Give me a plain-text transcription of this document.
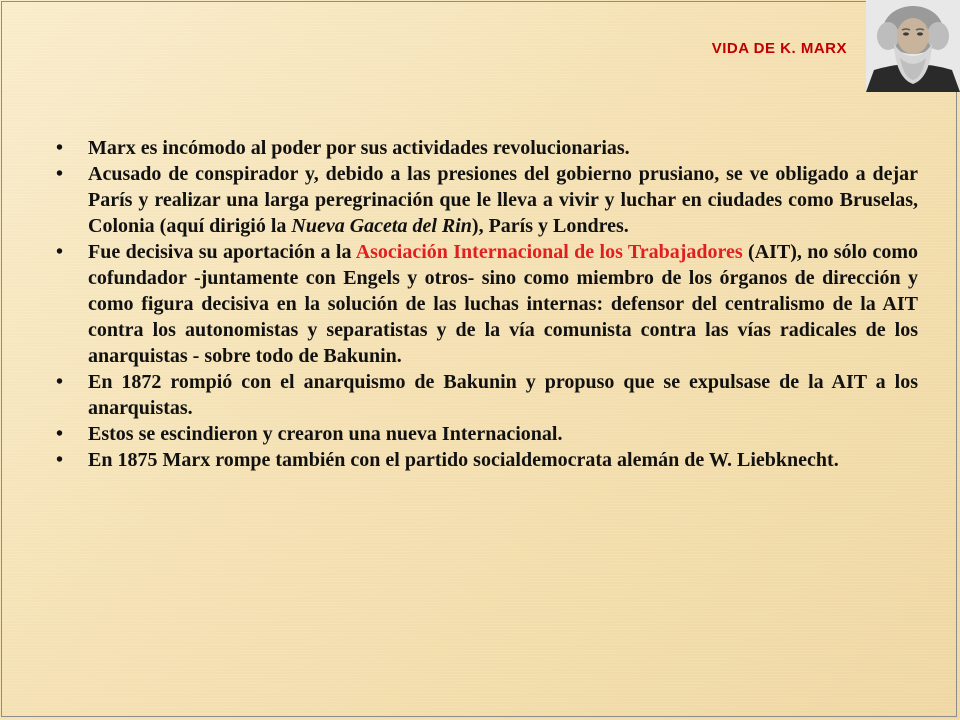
VIDA DE K. MARX
•	Marx es incómodo al poder por sus actividades revolucionarias.
•	Acusado de conspirador y, debido a las presiones del gobierno prusiano, se ve obligado a dejar París y realizar una larga peregrinación que le lleva a vivir y luchar en ciudades como Bruselas, Colonia (aquí dirigió la Nueva Gaceta del Rin), París y Londres.
•	Fue decisiva su aportación a la Asociación Internacional de los Trabajadores (AIT), no sólo como cofundador -juntamente con Engels y otros- sino como miembro de los órganos de dirección y como figura decisiva en la solución de las luchas internas: defensor del centralismo de la AIT contra los autonomistas y separatistas y de la vía comunista contra las vías radicales de los anarquistas - sobre todo de Bakunin.
•	En 1872 rompió con el anarquismo de Bakunin y propuso que se expulsase de la AIT a los anarquistas.
•	Estos se escindieron y crearon una nueva Internacional.
•	En 1875 Marx rompe también con el partido socialdemocrata alemán de W. Liebknecht.
